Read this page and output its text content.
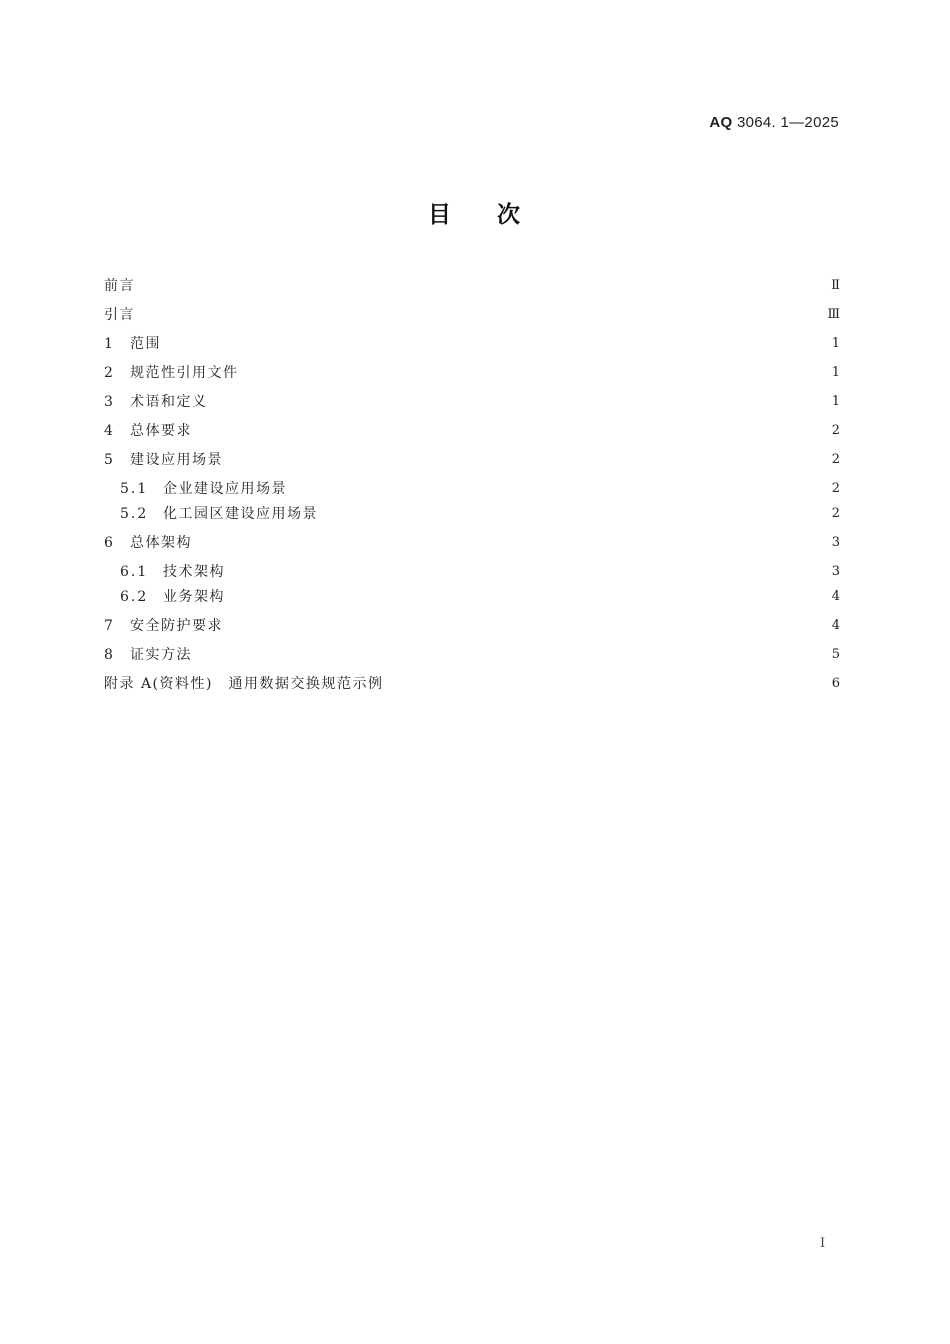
AQ 3064. 1—2025
目 次
前言	Ⅱ
引言	Ⅲ
1	范围	1
2	规范性引用文件	1
3	术语和定义	1
4	总体要求	2
5	建设应用场景	2
5.1	企业建设应用场景	2
5.2	化工园区建设应用场景	2
6	总体架构	3
6.1	技术架构	3
6.2	业务架构	4
7	安全防护要求	4
8	证实方法	5
附录 A(资料性)　通用数据交换规范示例	6
Ⅰ
